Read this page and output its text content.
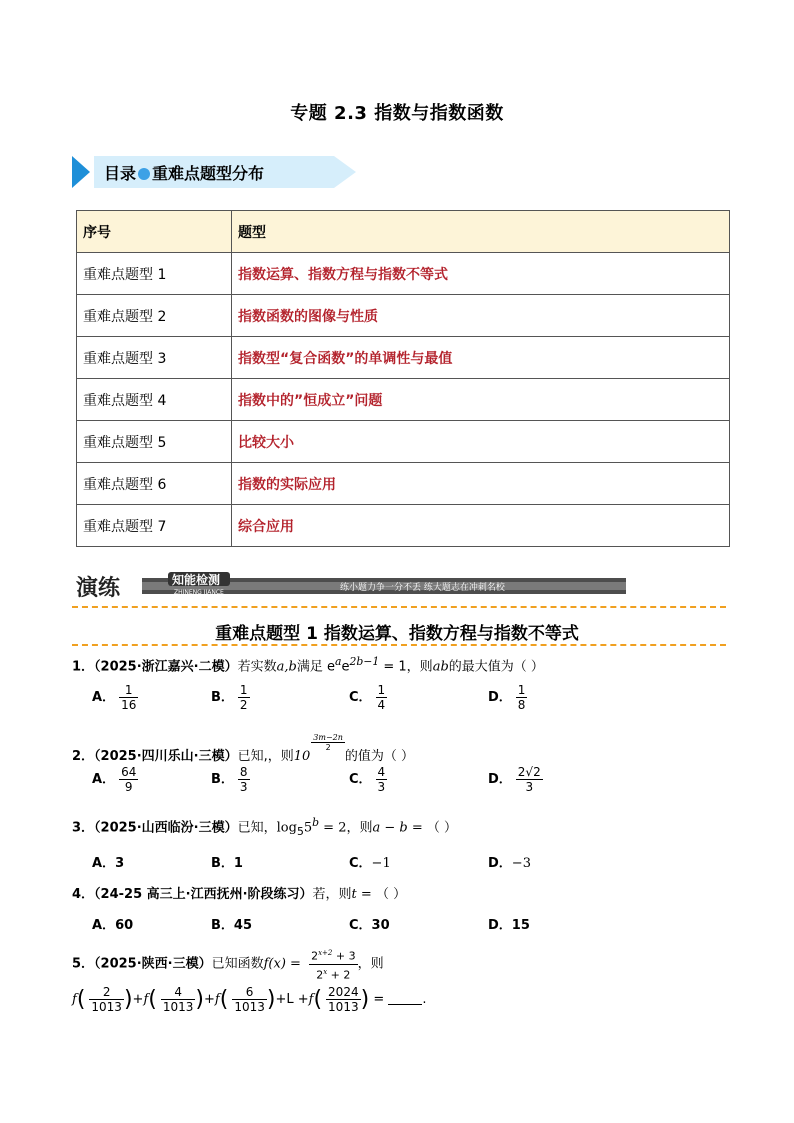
专题 2.3 指数与指数函数
目录 重难点题型分布
序号	题型
重难点题型 1	指数运算、指数方程与指数不等式
重难点题型 2	指数函数的图像与性质
重难点题型 3	指数型“复合函数”的单调性与最值
重难点题型 4	指数中的”恒成立”问题
重难点题型 5	比较大小
重难点题型 6	指数的实际应用
重难点题型 7	综合应用
演练	知能检测
ZHINENG JIANCE	练小题力争一分不丢 练大题志在冲刺名校
重难点题型 1 指数运算、指数方程与指数不等式
1．（2025·浙江嘉兴·二模）若实数a,b满足 $e^ae^{2b-1} = 1$，则ab的最大值为（ ）
A． $\frac{1}{16}$	B． $\frac{1}{2}$	C． $\frac{1}{4}$	D． $\frac{1}{8}$
2．（2025·四川乐山·三模）已知,，则10
$\frac{3m-2n}{2}$
的值为（ ）
A． $\frac{64}{9}$	B． $\frac{8}{3}$	C． $\frac{4}{3}$	D． $\frac{2√2}{3}$
3．（2025·山西临汾·三模）已知，$\log_55^b = 2$，则a − b = （ ）
A．3	B．1	C．−1	D．−3
4．（24-25 高三上·江西抚州·阶段练习）若，则t = （ ）
A．60	B．45	C．30	D．15
5．（2025·陕西·三模）已知函数$f(x) = \frac{2^{x+2} + 3}{2^x + 2}$ ，则
$f( \frac{2}{1013} )+f( \frac{4}{1013} )+f( \frac{6}{1013} )+L +f( \frac{2024}{1013}$ ) =	.
